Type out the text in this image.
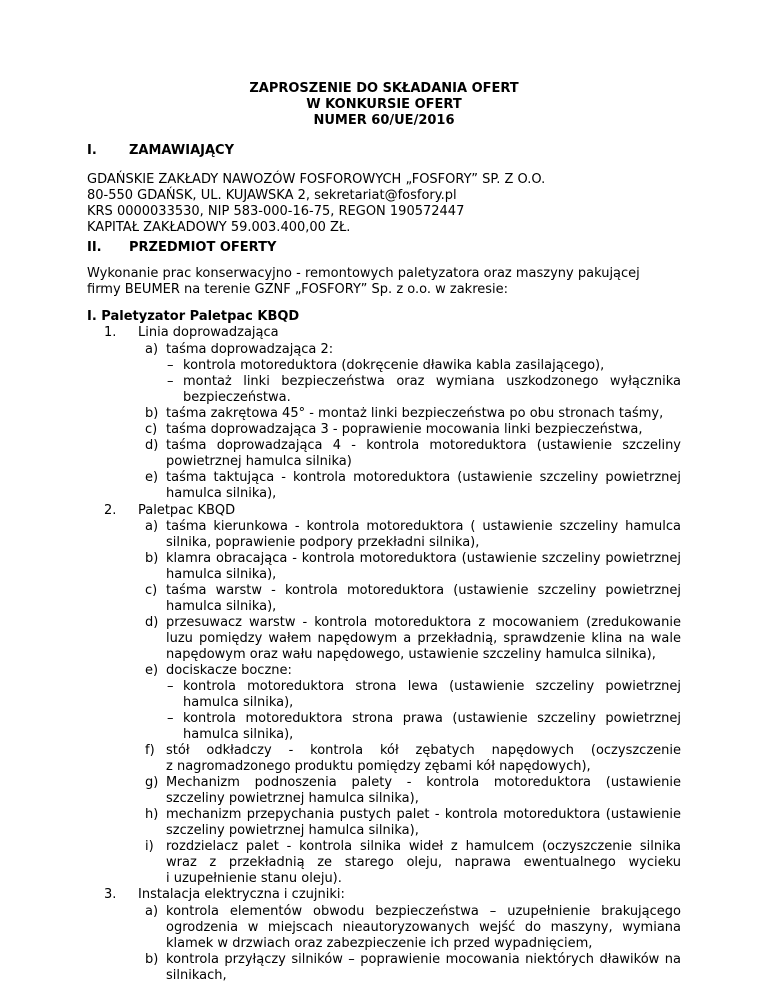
ZAPROSZENIE DO SKŁADANIA OFERT
W KONKURSIE OFERT
NUMER 60/UE/2016
I. ZAMAWIAJĄCY
GDAŃSKIE ZAKŁADY NAWOZÓW FOSFOROWYCH „FOSFORY” SP. Z O.O.
80-550 GDAŃSK, UL. KUJAWSKA 2, sekretariat@fosfory.pl
KRS 0000033530, NIP 583-000-16-75, REGON 190572447
KAPITAŁ ZAKŁADOWY 59.003.400,00 ZŁ.
II. PRZEDMIOT OFERTY
Wykonanie prac konserwacyjno - remontowych paletyzatora oraz maszyny pakującej
firmy BEUMER na terenie GZNF „FOSFORY” Sp. z o.o. w zakresie:
I. Paletyzator Paletpac KBQD
1. Linia doprowadzająca
a) taśma doprowadzająca 2:
– kontrola motoreduktora (dokręcenie dławika kabla zasilającego),
– montaż linki bezpieczeństwa oraz wymiana uszkodzonego wyłącznika
bezpieczeństwa.
b) taśma zakrętowa 45° - montaż linki bezpieczeństwa po obu stronach taśmy,
c) taśma doprowadzająca 3 - poprawienie mocowania linki bezpieczeństwa,
d) taśma doprowadzająca 4 - kontrola motoreduktora (ustawienie szczeliny
powietrznej hamulca silnika)
e) taśma taktująca - kontrola motoreduktora (ustawienie szczeliny powietrznej
hamulca silnika),
2. Paletpac KBQD
a) taśma kierunkowa - kontrola motoreduktora ( ustawienie szczeliny hamulca
silnika, poprawienie podpory przekładni silnika),
b) klamra obracająca - kontrola motoreduktora (ustawienie szczeliny powietrznej
hamulca silnika),
c) taśma warstw - kontrola motoreduktora (ustawienie szczeliny powietrznej
hamulca silnika),
d) przesuwacz warstw - kontrola motoreduktora z mocowaniem (zredukowanie
luzu pomiędzy wałem napędowym a przekładnią, sprawdzenie klina na wale
napędowym oraz wału napędowego, ustawienie szczeliny hamulca silnika),
e) dociskacze boczne:
– kontrola motoreduktora strona lewa (ustawienie szczeliny powietrznej
hamulca silnika),
– kontrola motoreduktora strona prawa (ustawienie szczeliny powietrznej
hamulca silnika),
f) stół odkładczy - kontrola kół zębatych napędowych (oczyszczenie
z nagromadzonego produktu pomiędzy zębami kół napędowych),
g) Mechanizm podnoszenia palety - kontrola motoreduktora (ustawienie
szczeliny powietrznej hamulca silnika),
h) mechanizm przepychania pustych palet - kontrola motoreduktora (ustawienie
szczeliny powietrznej hamulca silnika),
i) rozdzielacz palet - kontrola silnika wideł z hamulcem (oczyszczenie silnika
wraz z przekładnią ze starego oleju, naprawa ewentualnego wycieku
i uzupełnienie stanu oleju).
3. Instalacja elektryczna i czujniki:
a) kontrola elementów obwodu bezpieczeństwa – uzupełnienie brakującego
ogrodzenia w miejscach nieautoryzowanych wejść do maszyny, wymiana
klamek w drzwiach oraz zabezpieczenie ich przed wypadnięciem,
b) kontrola przyłączy silników – poprawienie mocowania niektórych dławików na
silnikach,
